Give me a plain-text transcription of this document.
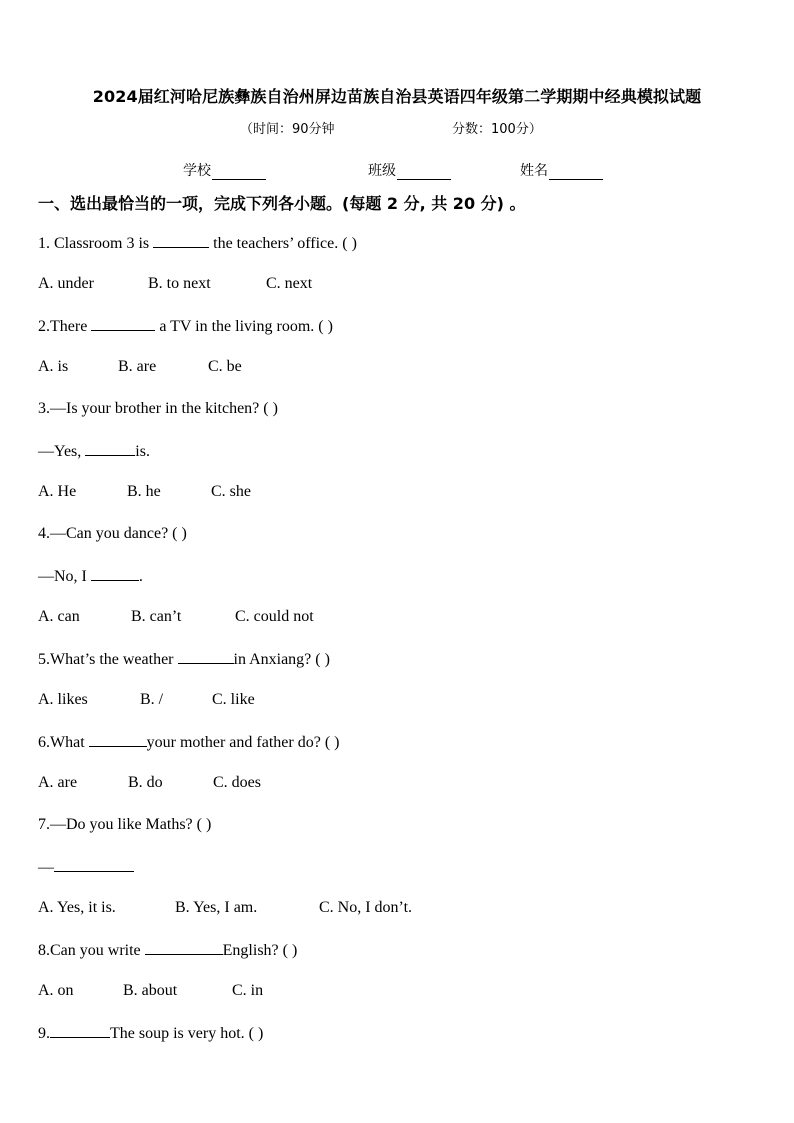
2024届红河哈尼族彝族自治州屏边苗族自治县英语四年级第二学期期中经典模拟试题
（时间：90分钟	分数：100分）
学校	班级	姓名
一、选出最恰当的一项，完成下列各小题。(每题 2 分, 共 20 分) 。
1. Classroom 3 is	the teachers’ office. ( )
A. under	B. to next	C. next
2.There	a TV in the living room. ( )
A. is	B. are	C. be
3.—Is your brother in the kitchen? ( )
—Yes,	is.
A. He	B. he	C. she
4.—Can you dance? ( )
—No, I	.
A. can	B. can’t	C. could not
5.What’s the weather	in Anxiang? ( )
A. likes	B. /	C. like
6.What	your mother and father do? ( )
A. are	B. do	C. does
7.—Do you like Maths? ( )
—
A. Yes, it is.	B. Yes, I am.	C. No, I don’t.
8.Can you write	English? ( )
A. on	B. about	C. in
9.	The soup is very hot. ( )
